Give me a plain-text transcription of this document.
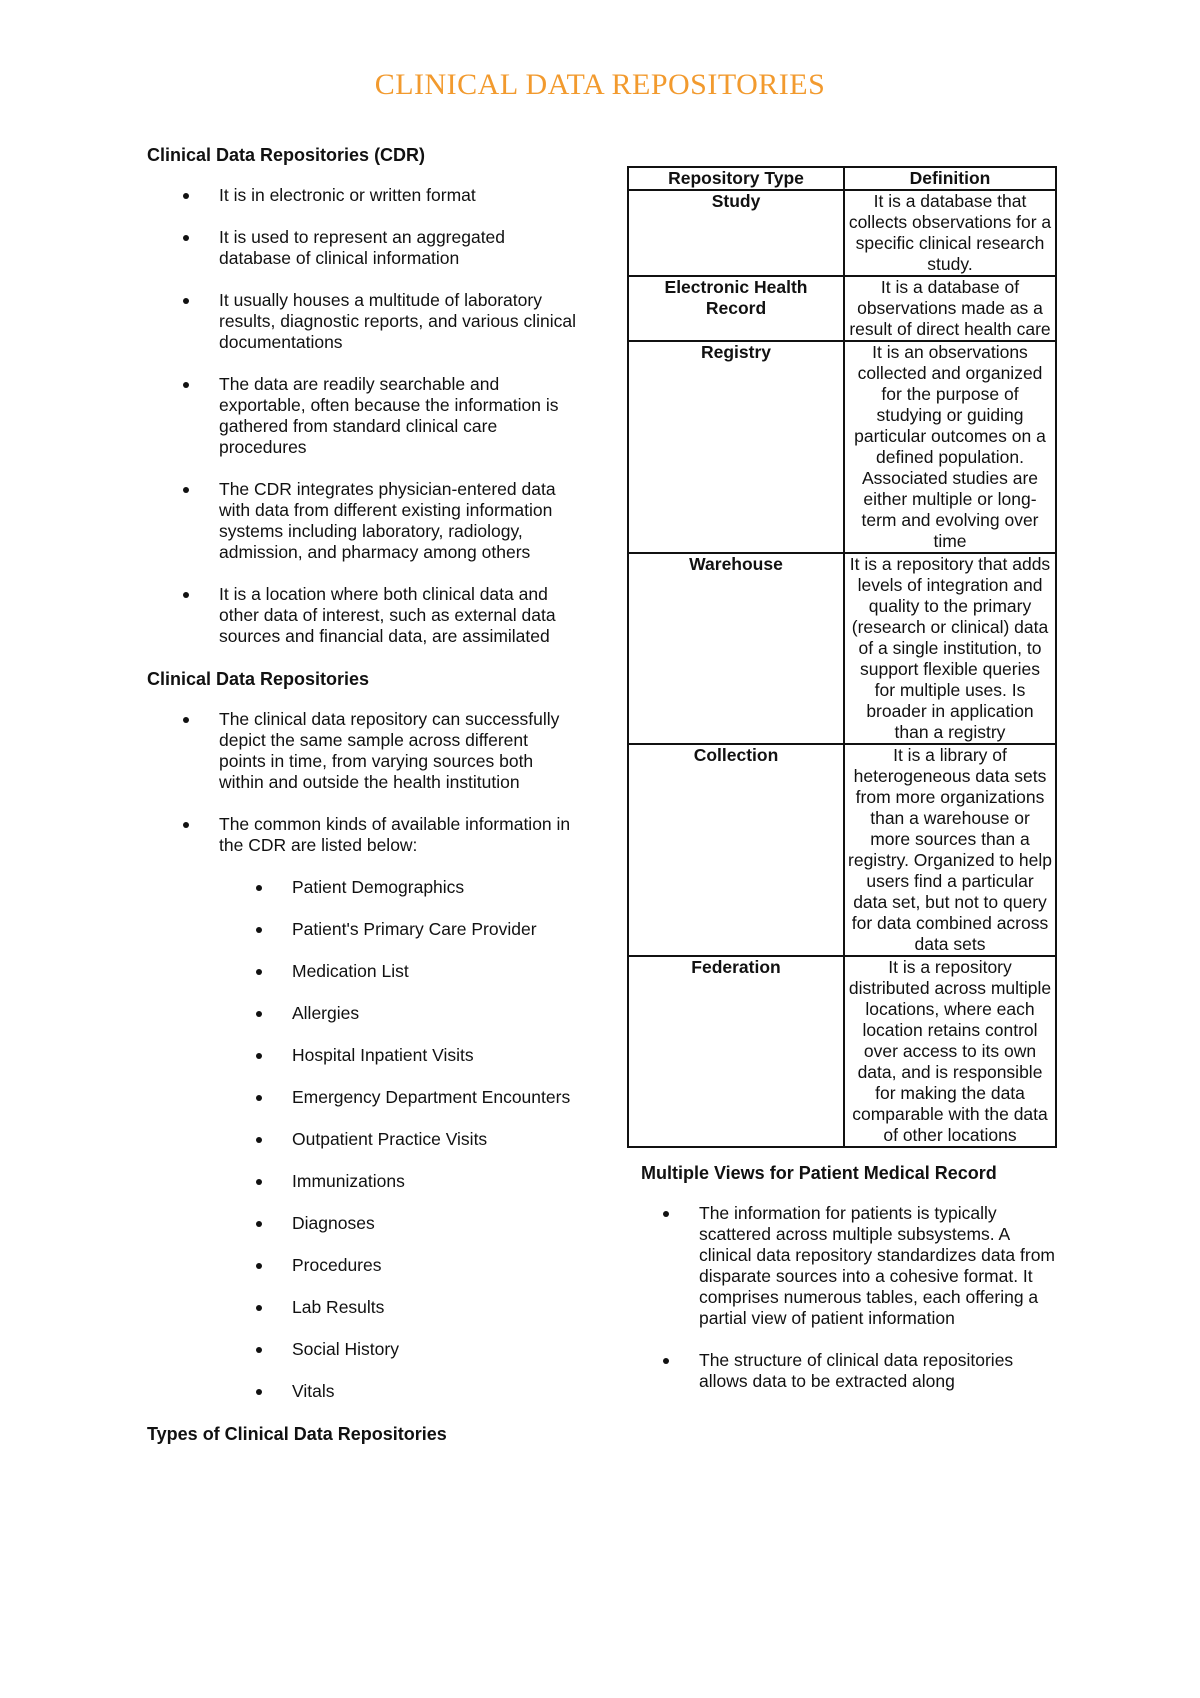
CLINICAL DATA REPOSITORIES
Clinical Data Repositories (CDR)
It is in electronic or written format
It is used to represent an aggregated database of clinical information
It usually houses a multitude of laboratory results, diagnostic reports, and various clinical documentations
The data are readily searchable and exportable, often because the information is gathered from standard clinical care procedures
The CDR integrates physician-entered data with data from different existing information systems including laboratory, radiology, admission, and pharmacy among others
It is a location where both clinical data and other data of interest, such as external data sources and financial data, are assimilated
Clinical Data Repositories
The clinical data repository can successfully depict the same sample across different points in time, from varying sources both within and outside the health institution
The common kinds of available information in the CDR are listed below:
Patient Demographics
Patient's Primary Care Provider
Medication List
Allergies
Hospital Inpatient Visits
Emergency Department Encounters
Outpatient Practice Visits
Immunizations
Diagnoses
Procedures
Lab Results
Social History
Vitals
Types of Clinical Data Repositories
Repository Type	Definition
Study	It is a database that collects observations for a specific clinical research study.
Electronic Health Record	It is a database of observations made as a result of direct health care
Registry	It is an observations collected and organized for the purpose of studying or guiding particular outcomes on a defined population. Associated studies are either multiple or long-term and evolving over time
Warehouse	It is a repository that adds levels of integration and quality to the primary (research or clinical) data of a single institution, to support flexible queries for multiple uses. Is broader in application than a registry
Collection	It is a library of heterogeneous data sets from more organizations than a warehouse or more sources than a registry. Organized to help users find a particular data set, but not to query for data combined across data sets
Federation	It is a repository distributed across multiple locations, where each location retains control over access to its own data, and is responsible for making the data comparable with the data of other locations
Multiple Views for Patient Medical Record
The information for patients is typically scattered across multiple subsystems. A clinical data repository standardizes data from disparate sources into a cohesive format. It comprises numerous tables, each offering a partial view of patient information
The structure of clinical data repositories allows data to be extracted along
